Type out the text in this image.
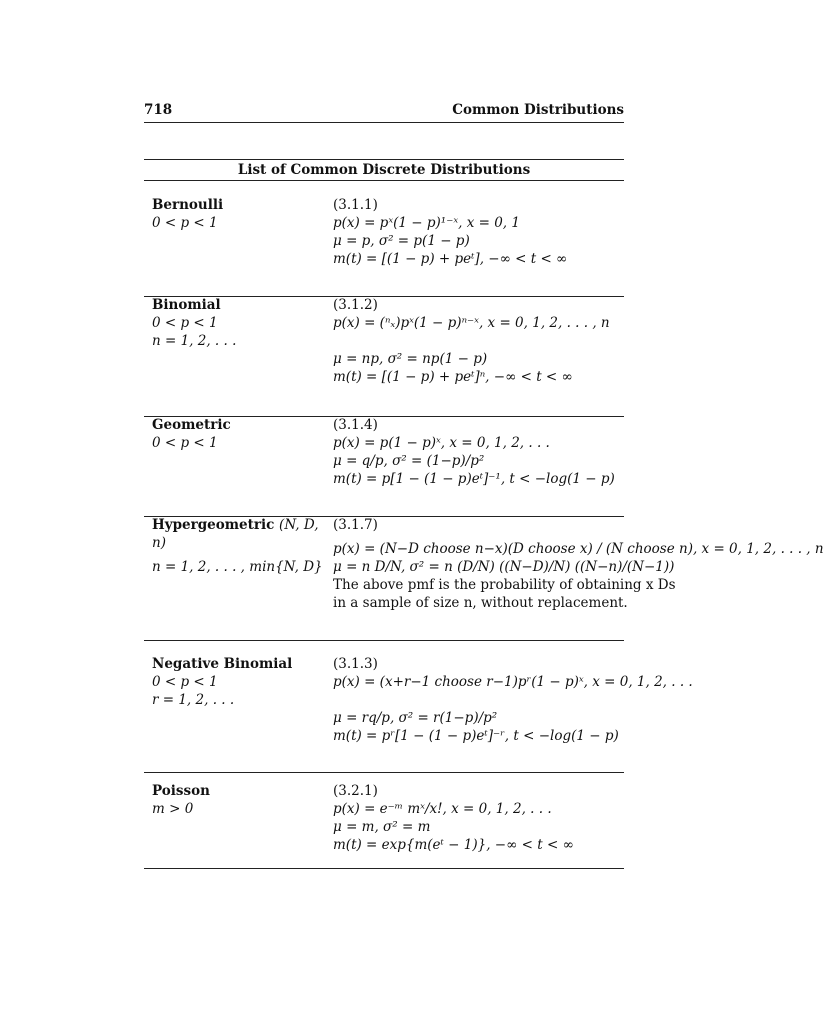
718	Common Distributions
List of Common Discrete Distributions
Bernoulli
0 < p < 1
(3.1.1)
p(x) = pˣ(1 − p)¹⁻ˣ, x = 0, 1
μ = p, σ² = p(1 − p)
m(t) = [(1 − p) + peᵗ], −∞ < t < ∞
Binomial
0 < p < 1
n = 1, 2, . . .
(3.1.2)
p(x) = (ⁿₓ)pˣ(1 − p)ⁿ⁻ˣ, x = 0, 1, 2, . . . , n
μ = np, σ² = np(1 − p)
m(t) = [(1 − p) + peᵗ]ⁿ, −∞ < t < ∞
Geometric
0 < p < 1
(3.1.4)
p(x) = p(1 − p)ˣ, x = 0, 1, 2, . . .
μ = q/p, σ² = (1−p)/p²
m(t) = p[1 − (1 − p)eᵗ]⁻¹, t < −log(1 − p)
Hypergeometric (N, D, n)
n = 1, 2, . . . , min{N, D}
(3.1.7)
p(x) = (N−D choose n−x)(D choose x) / (N choose n), x = 0, 1, 2, . . . , n
μ = n D/N, σ² = n (D/N) ((N−D)/N) ((N−n)/(N−1))
The above pmf is the probability of obtaining x Ds
in a sample of size n, without replacement.
Negative Binomial
0 < p < 1
r = 1, 2, . . .
(3.1.3)
p(x) = (x+r−1 choose r−1)pʳ(1 − p)ˣ, x = 0, 1, 2, . . .
μ = rq/p, σ² = r(1−p)/p²
m(t) = pʳ[1 − (1 − p)eᵗ]⁻ʳ, t < −log(1 − p)
Poisson
m > 0
(3.2.1)
p(x) = e⁻ᵐ mˣ/x!, x = 0, 1, 2, . . .
μ = m, σ² = m
m(t) = exp{m(eᵗ − 1)}, −∞ < t < ∞
